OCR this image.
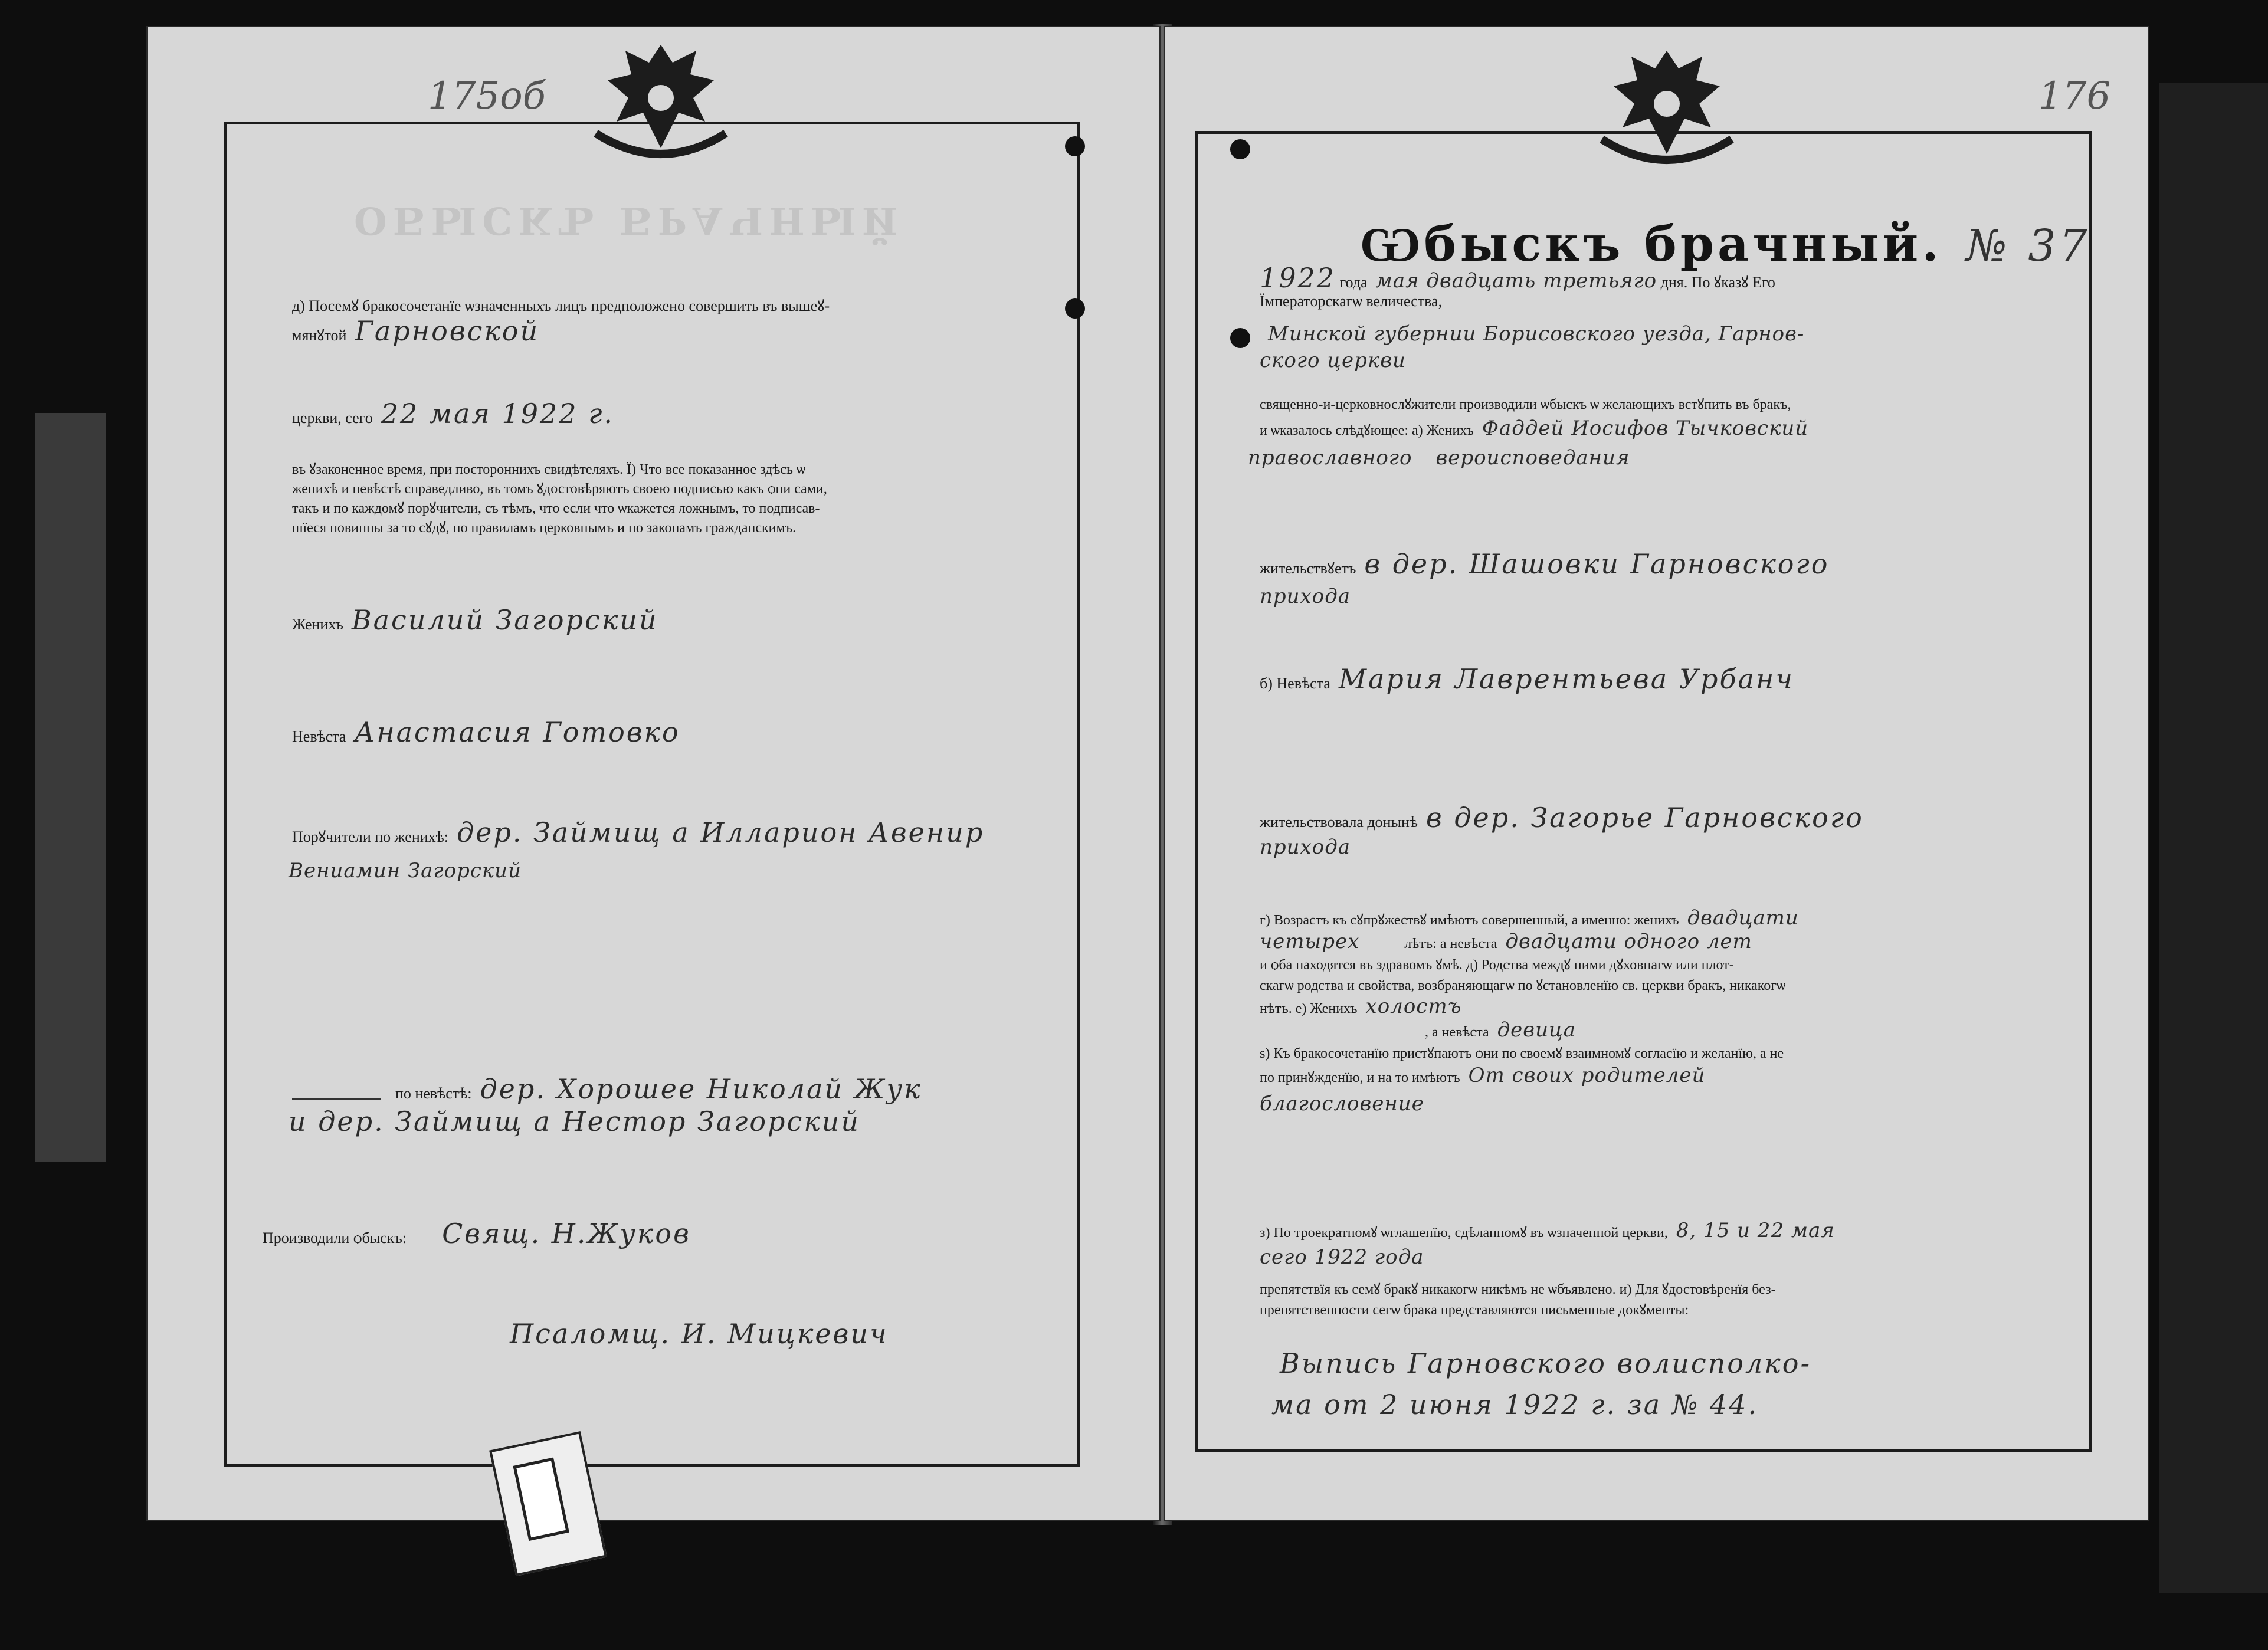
ОБЫСКЪ БРАЧНЫЙ
175об
д) Посемꙋ бракосочетанїе ѡзначенныхъ лицъ предположено совершить въ вышеꙋ-
мянꙋтой Гарновской
церкви, сего 22 мая 1922 г.
въ ꙋзаконенное время, при постороннихъ свидѣтеляхъ. Ї) Что все показанное здѣсь ѡ
женихѣ и невѣстѣ справедливо, въ томъ ꙋдостовѣряютъ своею подписью какъ ѻни сами,
такъ и по каждомꙋ порꙋчители, съ тѣмъ, что если что ѡкажется ложнымъ, то подписав-
шїеся повинны за то сꙋдꙋ, по правиламъ церковнымъ и по законамъ гражданскимъ.
Женихъ Василий Загорский
Невѣста Анастасия Готовко
Порꙋчители по женихѣ: дер. Займищ а Илларион Авенир
Вениамин Загорский
по невѣстѣ: дер. Хорошее Николай Жук
и дер. Займищ а Нестор Загорский
Производили ѻбыскъ: Свящ. Н.Жуков
Псаломщ. И. Мицкевич
176
Ѡбыскъ брачный. № 37
1922 года мая двадцать третьяго дня. По ꙋказꙋ Его
Їмператорскагѡ величества,
Минской губернии Борисовского уезда, Гарнов-
ского церкви
священно-и-церковнослꙋжители производили ѡбыскъ ѡ желающихъ встꙋпить въ бракъ,
и ѡказалось слѣдꙋющее: а) Женихъ Фаддей Иосифов Тычковский
православного вероисповедания
жительствꙋетъ в дер. Шашовки Гарновского
прихода
б) Невѣста Мария Лаврентьева Урбанч
жительствовала донынѣ в дер. Загорье Гарновского
прихода
г) Возрастъ къ сꙋпрꙋжествꙋ имѣютъ совершенный, а именно: женихъ двадцати
четырех	лѣтъ: а невѣста двадцати одного лет
и ѻба находятся въ здравомъ ꙋмѣ. д) Родства междꙋ ними дꙋховнагѡ или плот-
скагѡ родства и свойства, возбраняющагѡ по ꙋстановленїю св. церкви бракъ, никакогѡ
нѣтъ. е) Женихъ холостъ
, а невѣста девица
ѕ) Къ бракосочетанїю пристꙋпаютъ ѻни по своемꙋ взаимномꙋ согласїю и желанїю, а не
по принꙋжденїю, и на то имѣютъ От своих родителей
благословение
з) По троекратномꙋ ѡглашенїю, сдѣланномꙋ въ ѡзначенной церкви, 8, 15 и 22 мая
сего 1922 года
препятствїя къ семꙋ бракꙋ никакогѡ никѣмъ не ѡбъявлено. и) Для ꙋдостовѣренїя без-
препятственности сегѡ брака представляются письменные докꙋменты:
Выпись Гарновского волисполко-
ма от 2 июня 1922 г. за № 44.
